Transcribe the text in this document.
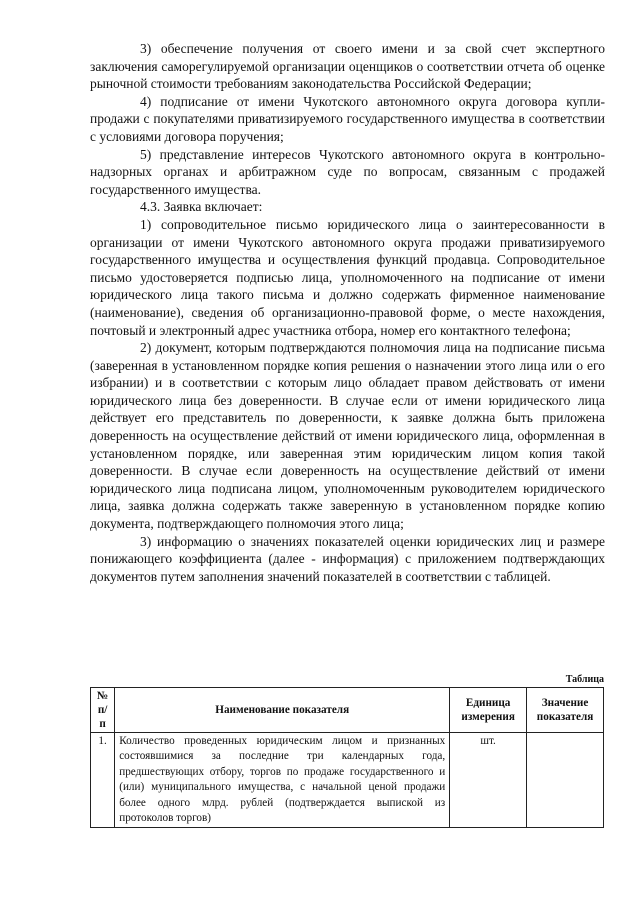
3) обеспечение получения от своего имени и за свой счет экспертного заключения саморегулируемой организации оценщиков о соответствии отчета об оценке рыночной стоимости требованиям законодательства Российской Федерации;

4) подписание от имени Чукотского автономного округа договора купли-продажи с покупателями приватизируемого государственного имущества в соответствии с условиями договора поручения;

5) представление интересов Чукотского автономного округа в контрольно-надзорных органах и арбитражном суде по вопросам, связанным с продажей государственного имущества.

4.3. Заявка включает:

1) сопроводительное письмо юридического лица о заинтересованности в организации от имени Чукотского автономного округа продажи приватизируемого государственного имущества и осуществления функций продавца. Сопроводительное письмо удостоверяется подписью лица, уполномоченного на подписание от имени юридического лица такого письма и должно содержать фирменное наименование (наименование), сведения об организационно-правовой форме, о месте нахождения, почтовый и электронный адрес участника отбора, номер его контактного телефона;

2) документ, которым подтверждаются полномочия лица на подписание письма (заверенная в установленном порядке копия решения о назначении этого лица или о его избрании) и в соответствии с которым лицо обладает правом действовать от имени юридического лица без доверенности. В случае если от имени юридического лица действует его представитель по доверенности, к заявке должна быть приложена доверенность на осуществление действий от имени юридического лица, оформленная в установленном порядке, или заверенная этим юридическим лицом копия такой доверенности. В случае если доверенность на осуществление действий от имени юридического лица подписана лицом, уполномоченным руководителем юридического лица, заявка должна содержать также заверенную в установленном порядке копию документа, подтверждающего полномочия этого лица;

3) информацию о значениях показателей оценки юридических лиц и размере понижающего коэффициента (далее - информация) с приложением подтверждающих документов путем заполнения значений показателей в соответствии с таблицей.

Таблица
№ п/п	Наименование показателя	Единица измерения	Значение показателя
1.	Количество проведенных юридическим лицом и признанных состоявшимися за последние три календарных года, предшествующих отбору, торгов по продаже государственного и (или) муниципального имущества, с начальной ценой продажи более одного млрд. рублей (подтверждается выпиской из протоколов торгов)	шт.	
